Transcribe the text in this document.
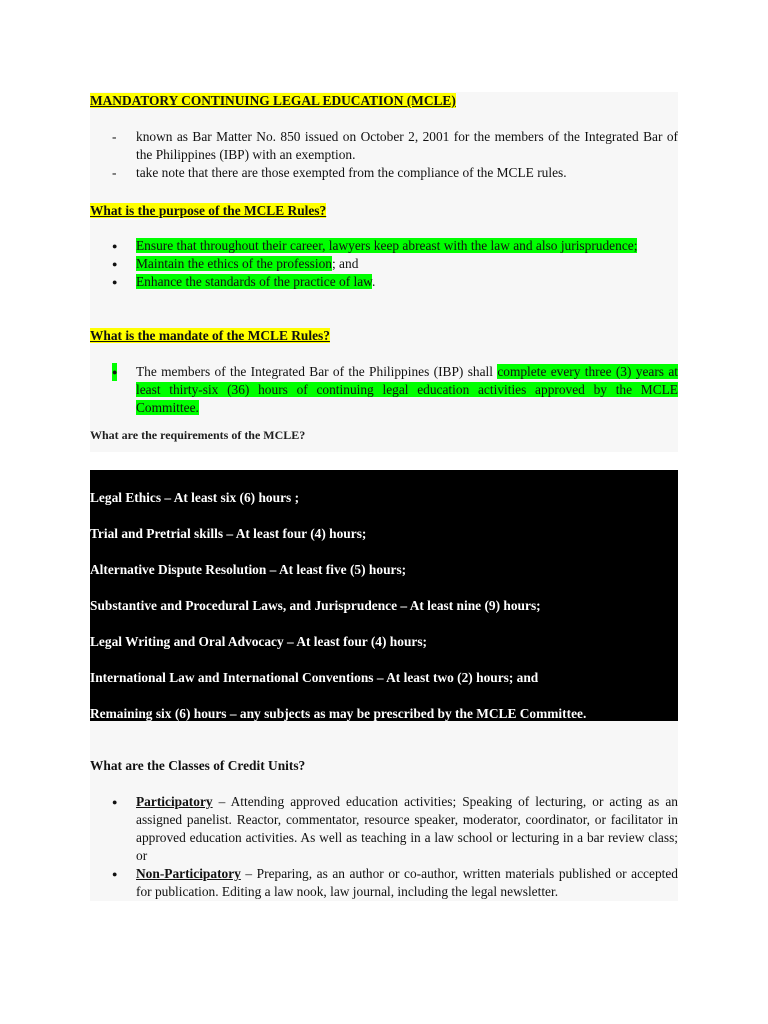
MANDATORY CONTINUING LEGAL EDUCATION (MCLE)
- known as Bar Matter No. 850 issued on October 2, 2001 for the members of the Integrated Bar of the Philippines (IBP) with an exemption.
- take note that there are those exempted from the compliance of the MCLE rules.
What is the purpose of the MCLE Rules?
● Ensure that throughout their career, lawyers keep abreast with the law and also jurisprudence;
● Maintain the ethics of the profession; and
● Enhance the standards of the practice of law.
What is the mandate of the MCLE Rules?
● The members of the Integrated Bar of the Philippines (IBP) shall complete every three (3) years at least thirty-six (36) hours of continuing legal education activities approved by the MCLE Committee.
What are the requirements of the MCLE?

Legal Ethics – At least six (6) hours ;

Trial and Pretrial skills – At least four (4) hours;

Alternative Dispute Resolution – At least five (5) hours;

Substantive and Procedural Laws, and Jurisprudence – At least nine (9) hours;

Legal Writing and Oral Advocacy – At least four (4) hours;

International Law and International Conventions – At least two (2) hours; and

Remaining six (6) hours – any subjects as may be prescribed by the MCLE Committee.

What are the Classes of Credit Units?
● Participatory – Attending approved education activities; Speaking of lecturing, or acting as an assigned panelist. Reactor, commentator, resource speaker, moderator, coordinator, or facilitator in approved education activities. As well as teaching in a law school or lecturing in a bar review class; or
● Non-Participatory – Preparing, as an author or co-author, written materials published or accepted for publication. Editing a law nook, law journal, including the legal newsletter.
